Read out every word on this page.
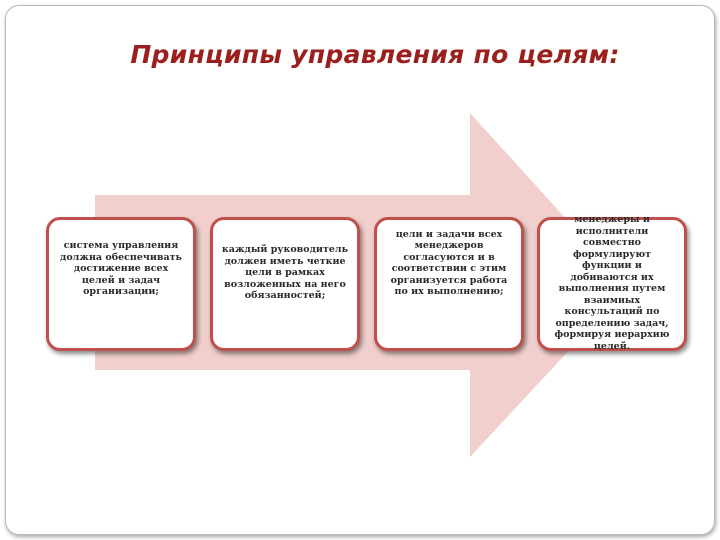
Принципы управления по целям:
система управления должна обеспечивать достижение всех целей и задач организации;
каждый руководитель должен иметь четкие цели в рамках возложенных на него обязанностей;
цели и задачи всех менеджеров согласуются и в соответствии с этим организуется работа по их выполнению;
менеджеры и исполнители совместно формулируют функции и добиваются их выполнения путем взаимных консультаций по определению задач, формируя иерархию целей.
